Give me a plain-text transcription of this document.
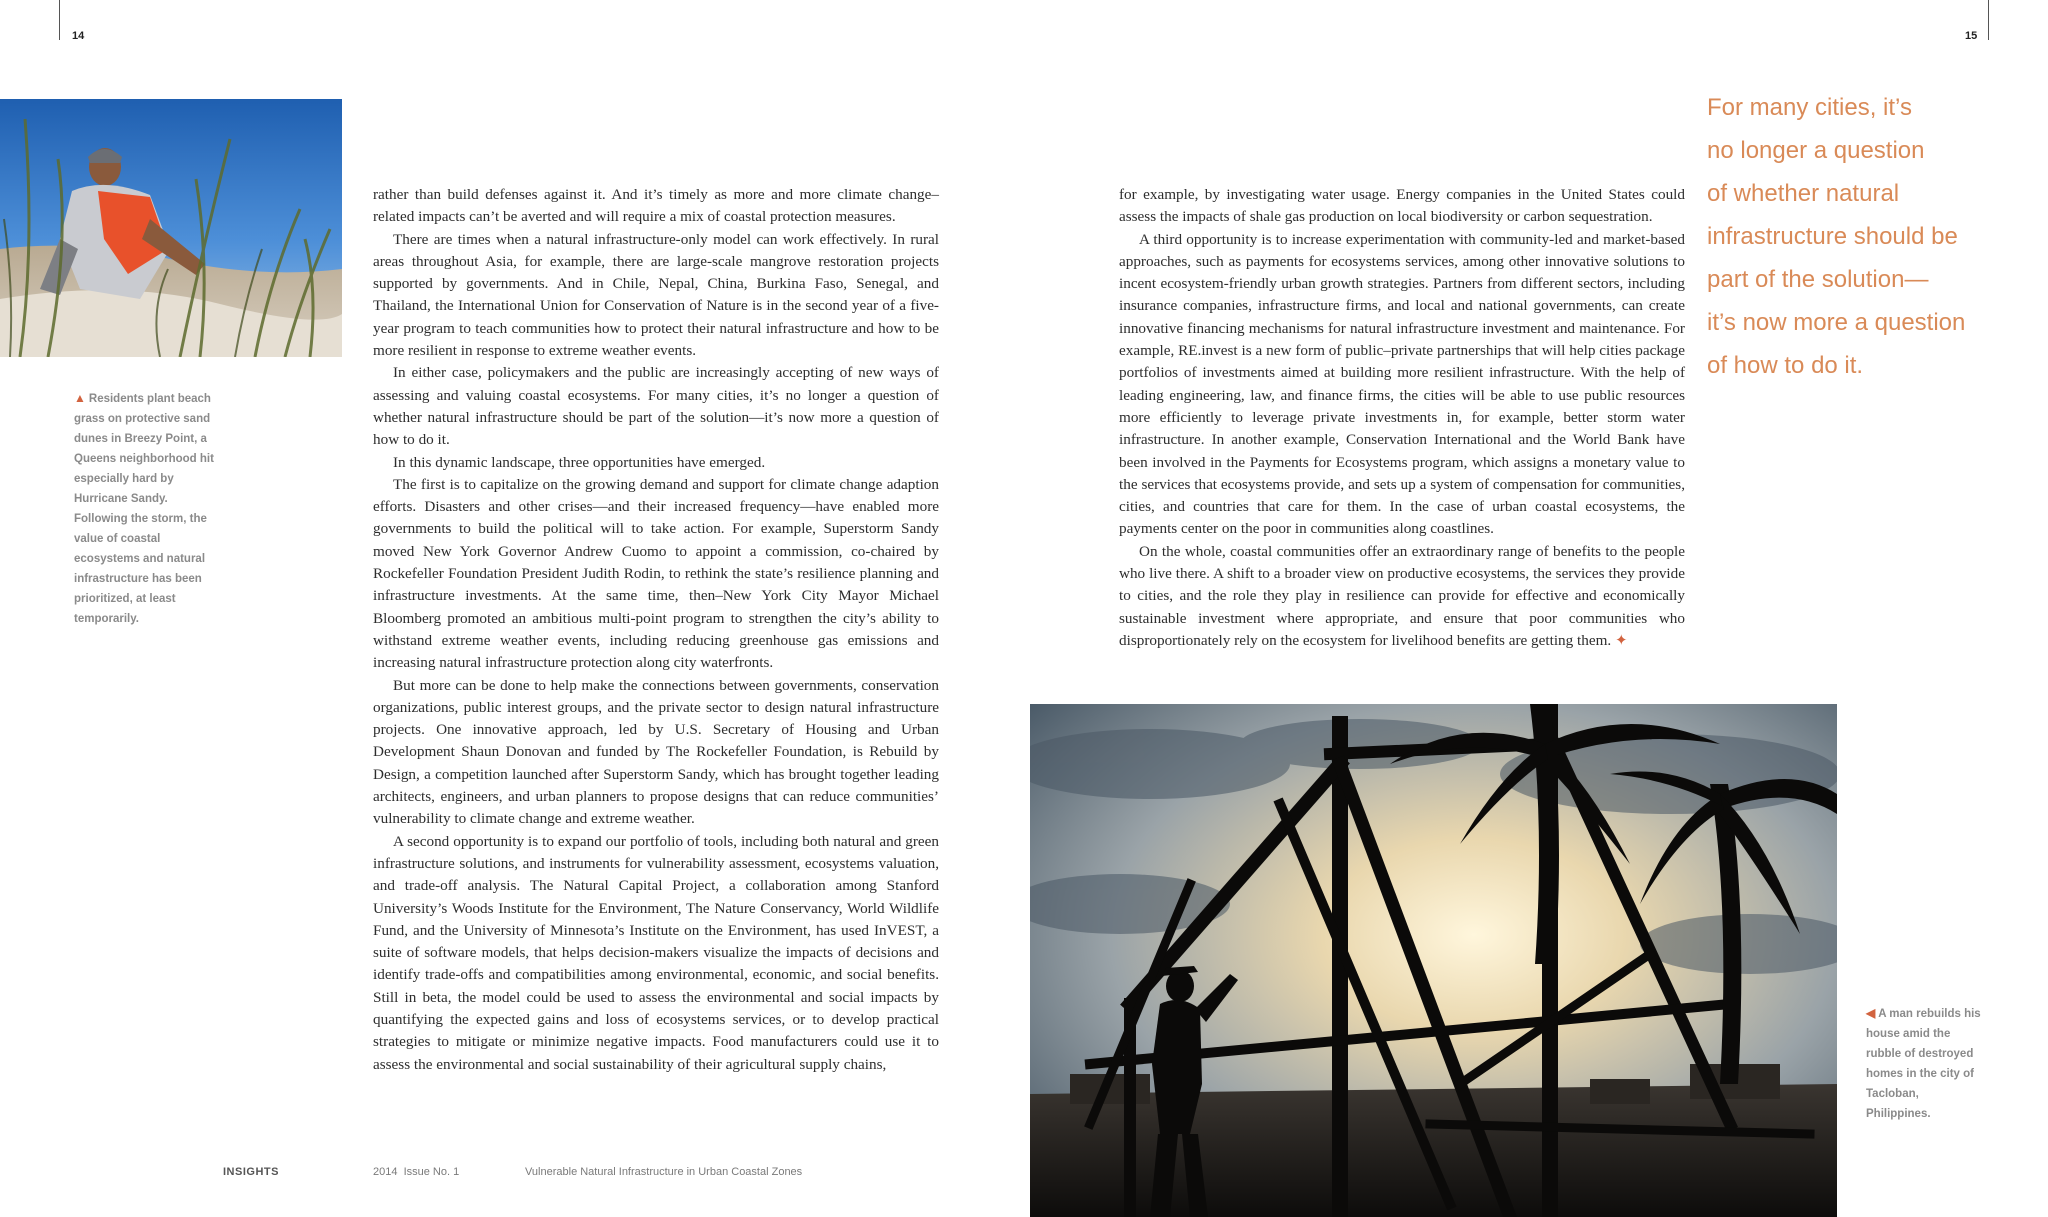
14	15
▲ Residents plant beach grass on protective sand dunes in Breezy Point, a Queens neighborhood hit especially hard by Hurricane Sandy. Following the storm, the value of coastal ecosystems and natural infrastructure has been prioritized, at least temporarily.

rather than build defenses against it. And it’s timely as more and more climate change–related impacts can’t be averted and will require a mix of coastal protection measures.

There are times when a natural infrastructure-only model can work effectively. In rural areas throughout Asia, for example, there are large-scale mangrove restoration projects supported by governments. And in Chile, Nepal, China, Burkina Faso, Senegal, and Thailand, the International Union for Conservation of Nature is in the second year of a five-year program to teach communities how to protect their natural infrastructure and how to be more resilient in response to extreme weather events.

In either case, policymakers and the public are increasingly accepting of new ways of assessing and valuing coastal ecosystems. For many cities, it’s no longer a question of whether natural infrastructure should be part of the solution—it’s now more a question of how to do it.

In this dynamic landscape, three opportunities have emerged.

The first is to capitalize on the growing demand and support for climate change adaption efforts. Disasters and other crises—and their increased frequency—have enabled more governments to build the political will to take action. For example, Superstorm Sandy moved New York Governor Andrew Cuomo to appoint a commission, co-chaired by Rockefeller Foundation President Judith Rodin, to rethink the state’s resilience planning and infrastructure investments. At the same time, then–New York City Mayor Michael Bloomberg promoted an ambitious multi-point program to strengthen the city’s ability to withstand extreme weather events, including reducing greenhouse gas emissions and increasing natural infrastructure protection along city waterfronts.

But more can be done to help make the connections between governments, conservation organizations, public interest groups, and the private sector to design natural infrastructure projects. One innovative approach, led by U.S. Secretary of Housing and Urban Development Shaun Donovan and funded by The Rockefeller Foundation, is Rebuild by Design, a competition launched after Superstorm Sandy, which has brought together leading architects, engineers, and urban planners to propose designs that can reduce communities’ vulnerability to climate change and extreme weather.

A second opportunity is to expand our portfolio of tools, including both natural and green infrastructure solutions, and instruments for vulnerability assessment, ecosystems valuation, and trade-off analysis. The Natural Capital Project, a collaboration among Stanford University’s Woods Institute for the Environment, The Nature Conservancy, World Wildlife Fund, and the University of Minnesota’s Institute on the Environment, has used InVEST, a suite of software models, that helps decision-makers visualize the impacts of decisions and identify trade-offs and compatibilities among environmental, economic, and social benefits. Still in beta, the model could be used to assess the environmental and social impacts by quantifying the expected gains and loss of ecosystems services, or to develop practical strategies to mitigate or minimize negative impacts. Food manufacturers could use it to assess the environmental and social sustainability of their agricultural supply chains,

for example, by investigating water usage. Energy companies in the United States could assess the impacts of shale gas production on local biodiversity or carbon sequestration.

A third opportunity is to increase experimentation with community-led and market-based approaches, such as payments for ecosystems services, among other innovative solutions to incent ecosystem-friendly urban growth strategies. Partners from different sectors, including insurance companies, infrastructure firms, and local and national governments, can create innovative financing mechanisms for natural infrastructure investment and maintenance. For example, RE.invest is a new form of public–private partnerships that will help cities package portfolios of investments aimed at building more resilient infrastructure. With the help of leading engineering, law, and finance firms, the cities will be able to use public resources more efficiently to leverage private investments in, for example, better storm water infrastructure. In another example, Conservation International and the World Bank have been involved in the Payments for Ecosystems program, which assigns a monetary value to the services that ecosystems provide, and sets up a system of compensation for communities, cities, and countries that care for them. In the case of urban coastal ecosystems, the payments center on the poor in communities along coastlines.

On the whole, coastal communities offer an extraordinary range of benefits to the people who live there. A shift to a broader view on productive ecosystems, the services they provide to cities, and the role they play in resilience can provide for effective and economically sustainable investment where appropriate, and ensure that poor communities who disproportionately rely on the ecosystem for livelihood benefits are getting them. ✦

For many cities, it’s
no longer a question
of whether natural
infrastructure should be
part of the solution—
it’s now more a question
of how to do it.
◀ A man rebuilds his house amid the rubble of destroyed homes in the city of Tacloban, Philippines.
INSIGHTS	2014  Issue No. 1	Vulnerable Natural Infrastructure in Urban Coastal Zones
